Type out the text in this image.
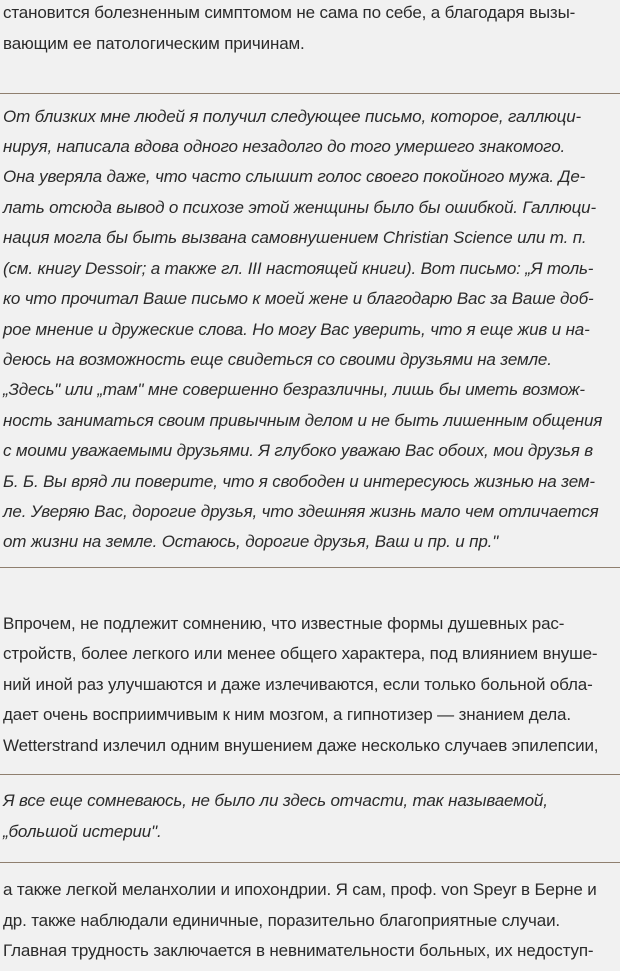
становится болезненным симптомом не сама по себе, а благодаря вызы-
вающим ее патологическим причинам.
От близких мне людей я получил следующее письмо, которое, галлюци-
нируя, написала вдова одного незадолго до того умершего знакомого.
Она уверяла даже, что часто слышит голос своего покойного мужа. Де-
лать отсюда вывод о психозе этой женщины было бы ошибкой. Галлюци-
нация могла бы быть вызвана самовнушением Christian Science или т. п.
(см. книгу Dessoir; а также гл. III настоящей книги). Вот письмо: „Я толь-
ко что прочитал Ваше письмо к моей жене и благодарю Вас за Ваше доб-
рое мнение и дружеские слова. Но могу Вас уверить, что я еще жив и на-
деюсь на возможность еще свидеться со своими друзьями на земле.
„Здесь" или „там" мне совершенно безразличны, лишь бы иметь возмож-
ность заниматься своим привычным делом и не быть лишенным общения
с моими уважаемыми друзьями. Я глубоко уважаю Вас обоих, мои друзья в
Б. Б. Вы вряд ли поверите, что я свободен и интересуюсь жизнью на зем-
ле. Уверяю Вас, дорогие друзья, что здешняя жизнь мало чем отличается
от жизни на земле. Остаюсь, дорогие друзья, Ваш и пр. и пр."
Впрочем, не подлежит сомнению, что известные формы душевных рас-
стройств, более легкого или менее общего характера, под влиянием внуше-
ний иной раз улучшаются и даже излечиваются, если только больной обла-
дает очень восприимчивым к ним мозгом, а гипнотизер — знанием дела.
Wetterstrand излечил одним внушением даже несколько случаев эпилепсии,
Я все еще сомневаюсь, не было ли здесь отчасти, так называемой,
„большой истерии".
а также легкой меланхолии и ипохондрии. Я сам, проф. von Speyr в Берне и
др. также наблюдали единичные, поразительно благоприятные случаи.
Главная трудность заключается в невнимательности больных, их недоступ-
